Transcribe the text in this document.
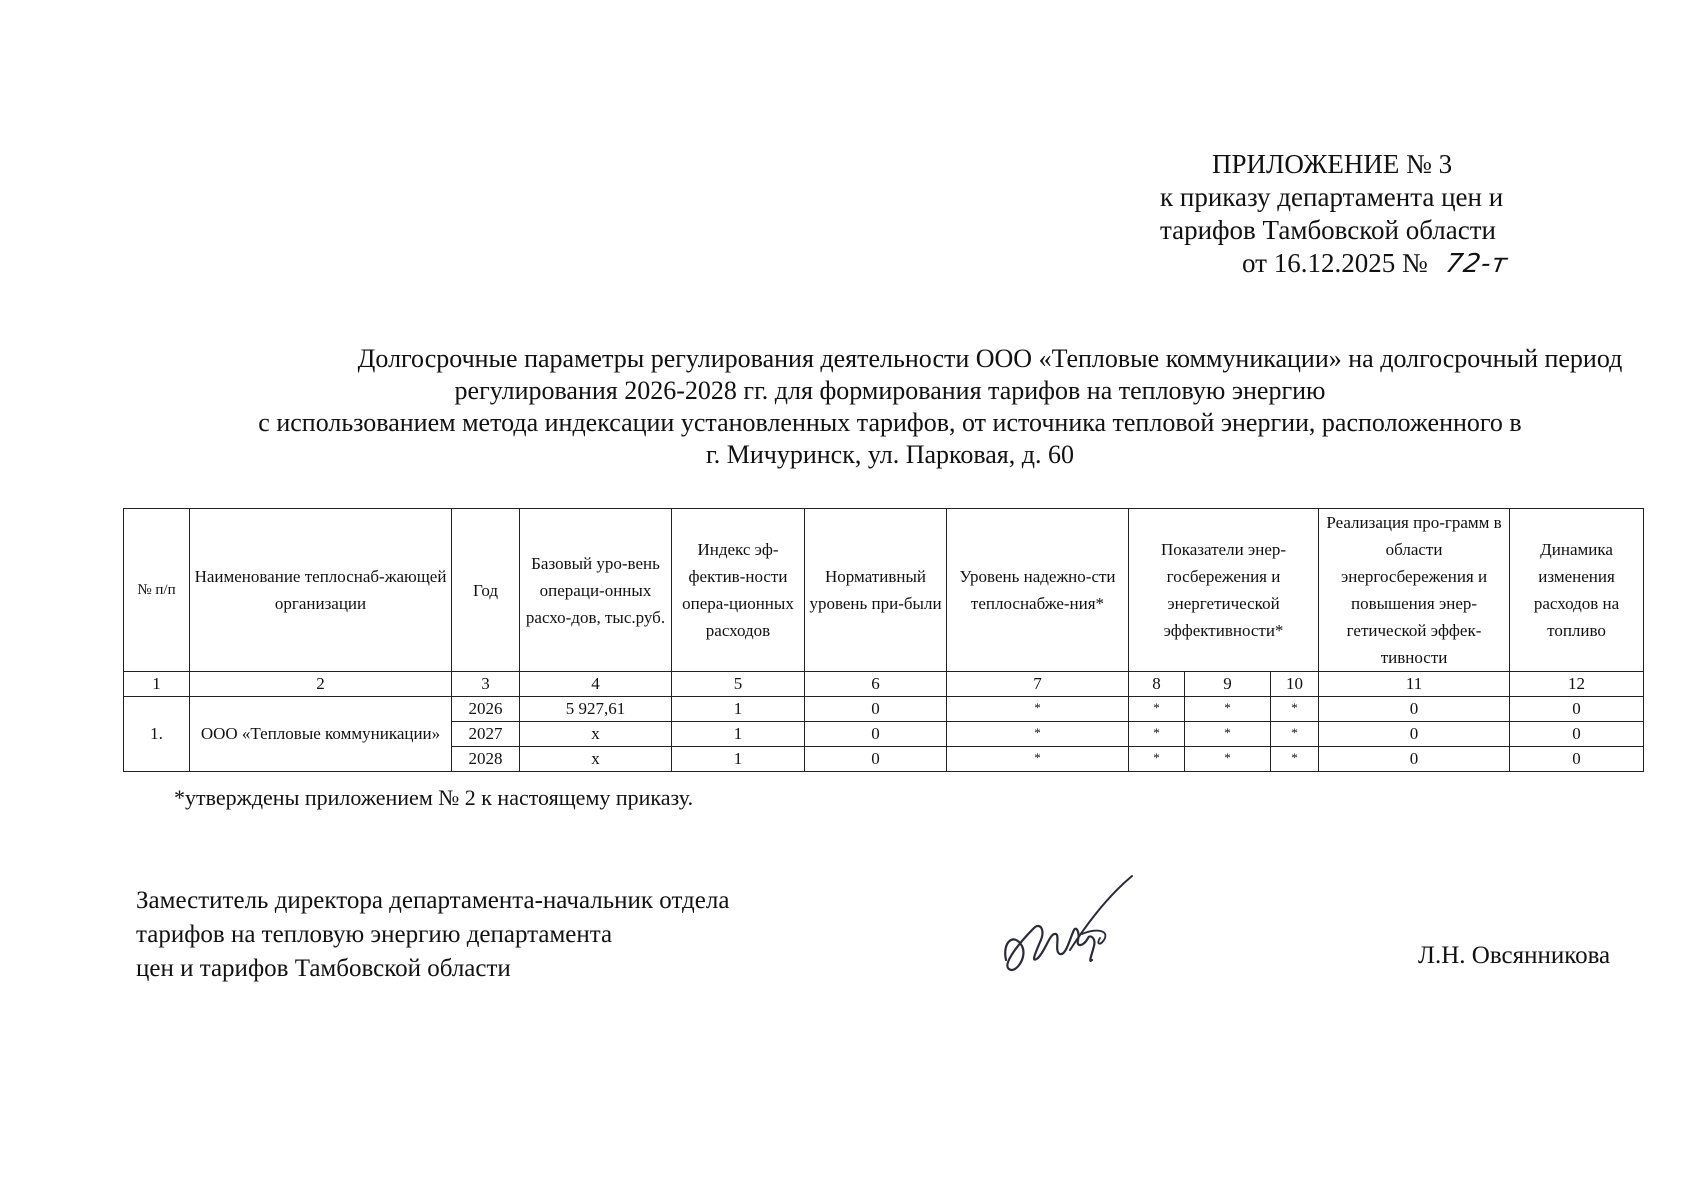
ПРИЛОЖЕНИЕ № 3
к приказу департамента цен и
тарифов Тамбовской области
от 16.12.2025 № 72-т
Долгосрочные параметры регулирования деятельности ООО «Тепловые коммуникации» на долгосрочный период
регулирования 2026-2028 гг. для формирования тарифов на тепловую энергию
с использованием метода индексации установленных тарифов, от источника тепловой энергии, расположенного в
г. Мичуринск, ул. Парковая, д. 60
№ п/п	Наименование теплоснаб-жающей организации	Год	Базовый уро-вень операци-онных расхо-дов, тыс.руб.	Индекс эф-фектив-ности опера-ционных расходов	Нормативный уровень при-были	Уровень надежно-сти теплоснабже-ния*	Показатели энер-госбережения и энергетической эффективности*			Реализация про-грамм в области энергосбережения и повышения энер-гетической эффек-тивности	Динамика изменения расходов на топливо
1	2	3	4	5	6	7	8	9	10	11	12
1.	ООО «Тепловые коммуникации»	2026	5 927,61	1	0	*	*	*	*	0	0
		2027	х	1	0	*	*	*	*	0	0
		2028	х	1	0	*	*	*	*	0	0
*утверждены приложением № 2 к настоящему приказу.
Заместитель директора департамента-начальник отдела
тарифов на тепловую энергию департамента
цен и тарифов Тамбовской области	Л.Н. Овсянникова
